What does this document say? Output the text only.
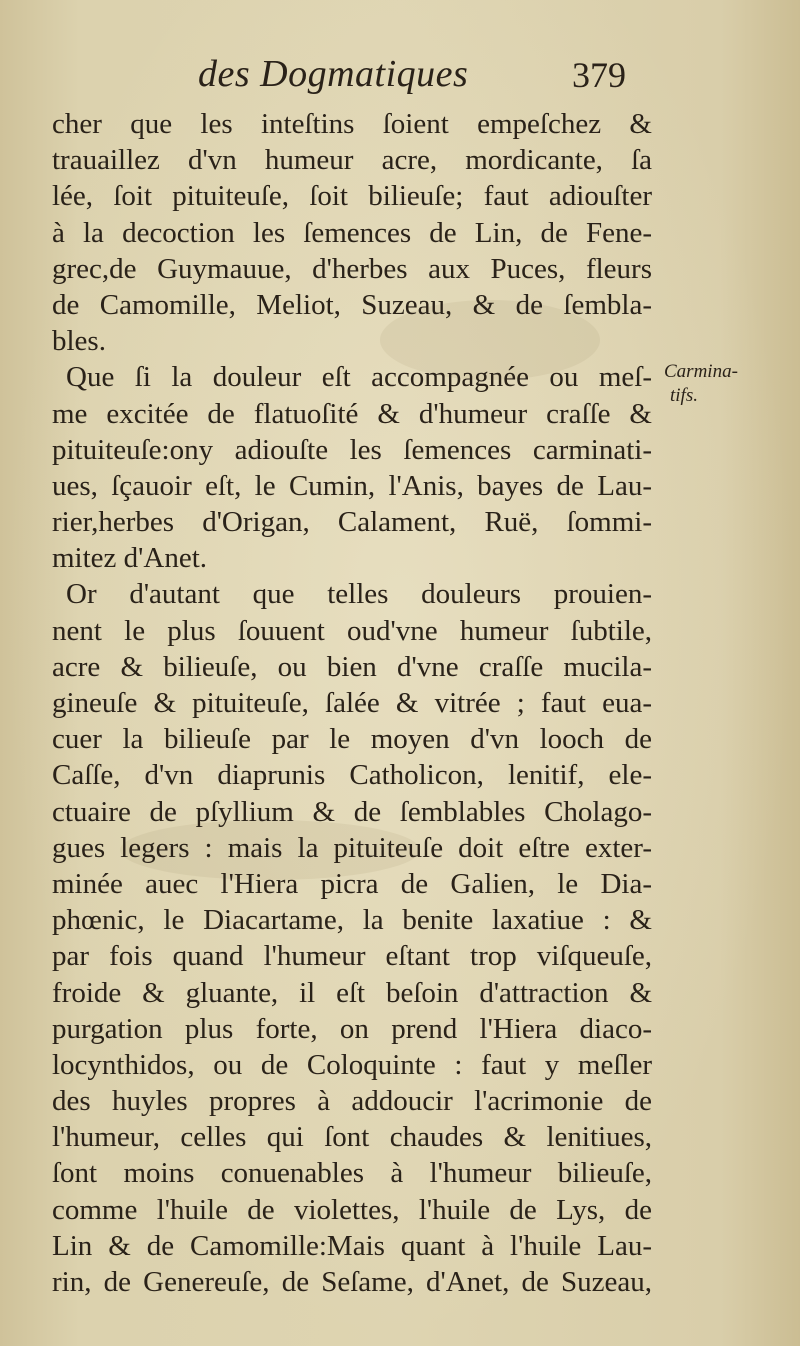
des Dogmatiques	379
cher que les inteſtins ſoient empeſchez &
trauaillez d'vn humeur acre, mordicante, ſa
lée, ſoit pituiteuſe, ſoit bilieuſe; faut adiouſter
à la decoction les ſemences de Lin, de Fene-
grec,de Guymauue, d'herbes aux Puces, fleurs
de Camomille, Meliot, Suzeau, & de ſembla-
bles.
Que ſi la douleur eſt accompagnée ou meſ-
me excitée de flatuoſité & d'humeur craſſe &
pituiteuſe:ony adiouſte les ſemences carminati-
ues, ſçauoir eſt, le Cumin, l'Anis, bayes de Lau-
rier,herbes d'Origan, Calament, Ruë, ſommi-
mitez d'Anet.
Or d'autant que telles douleurs prouien-
nent le plus ſouuent oud'vne humeur ſubtile,
acre & bilieuſe, ou bien d'vne craſſe mucila-
gineuſe & pituiteuſe, ſalée & vitrée ; faut eua-
cuer la bilieuſe par le moyen d'vn looch de
Caſſe, d'vn diaprunis Catholicon, lenitif, ele-
ctuaire de pſyllium & de ſemblables Cholago-
gues legers : mais la pituiteuſe doit eſtre exter-
minée auec l'Hiera picra de Galien, le Dia-
phœnic, le Diacartame, la benite laxatiue : &
par fois quand l'humeur eſtant trop viſqueuſe,
froide & gluante, il eſt beſoin d'attraction &
purgation plus forte, on prend l'Hiera diaco-
locynthidos, ou de Coloquinte : faut y meſler
des huyles propres à addoucir l'acrimonie de
l'humeur, celles qui ſont chaudes & lenitiues,
ſont moins conuenables à l'humeur bilieuſe,
comme l'huile de violettes, l'huile de Lys, de
Lin & de Camomille:Mais quant à l'huile Lau-
rin, de Genereuſe, de Seſame, d'Anet, de Suzeau,
Carmina-
tifs.
